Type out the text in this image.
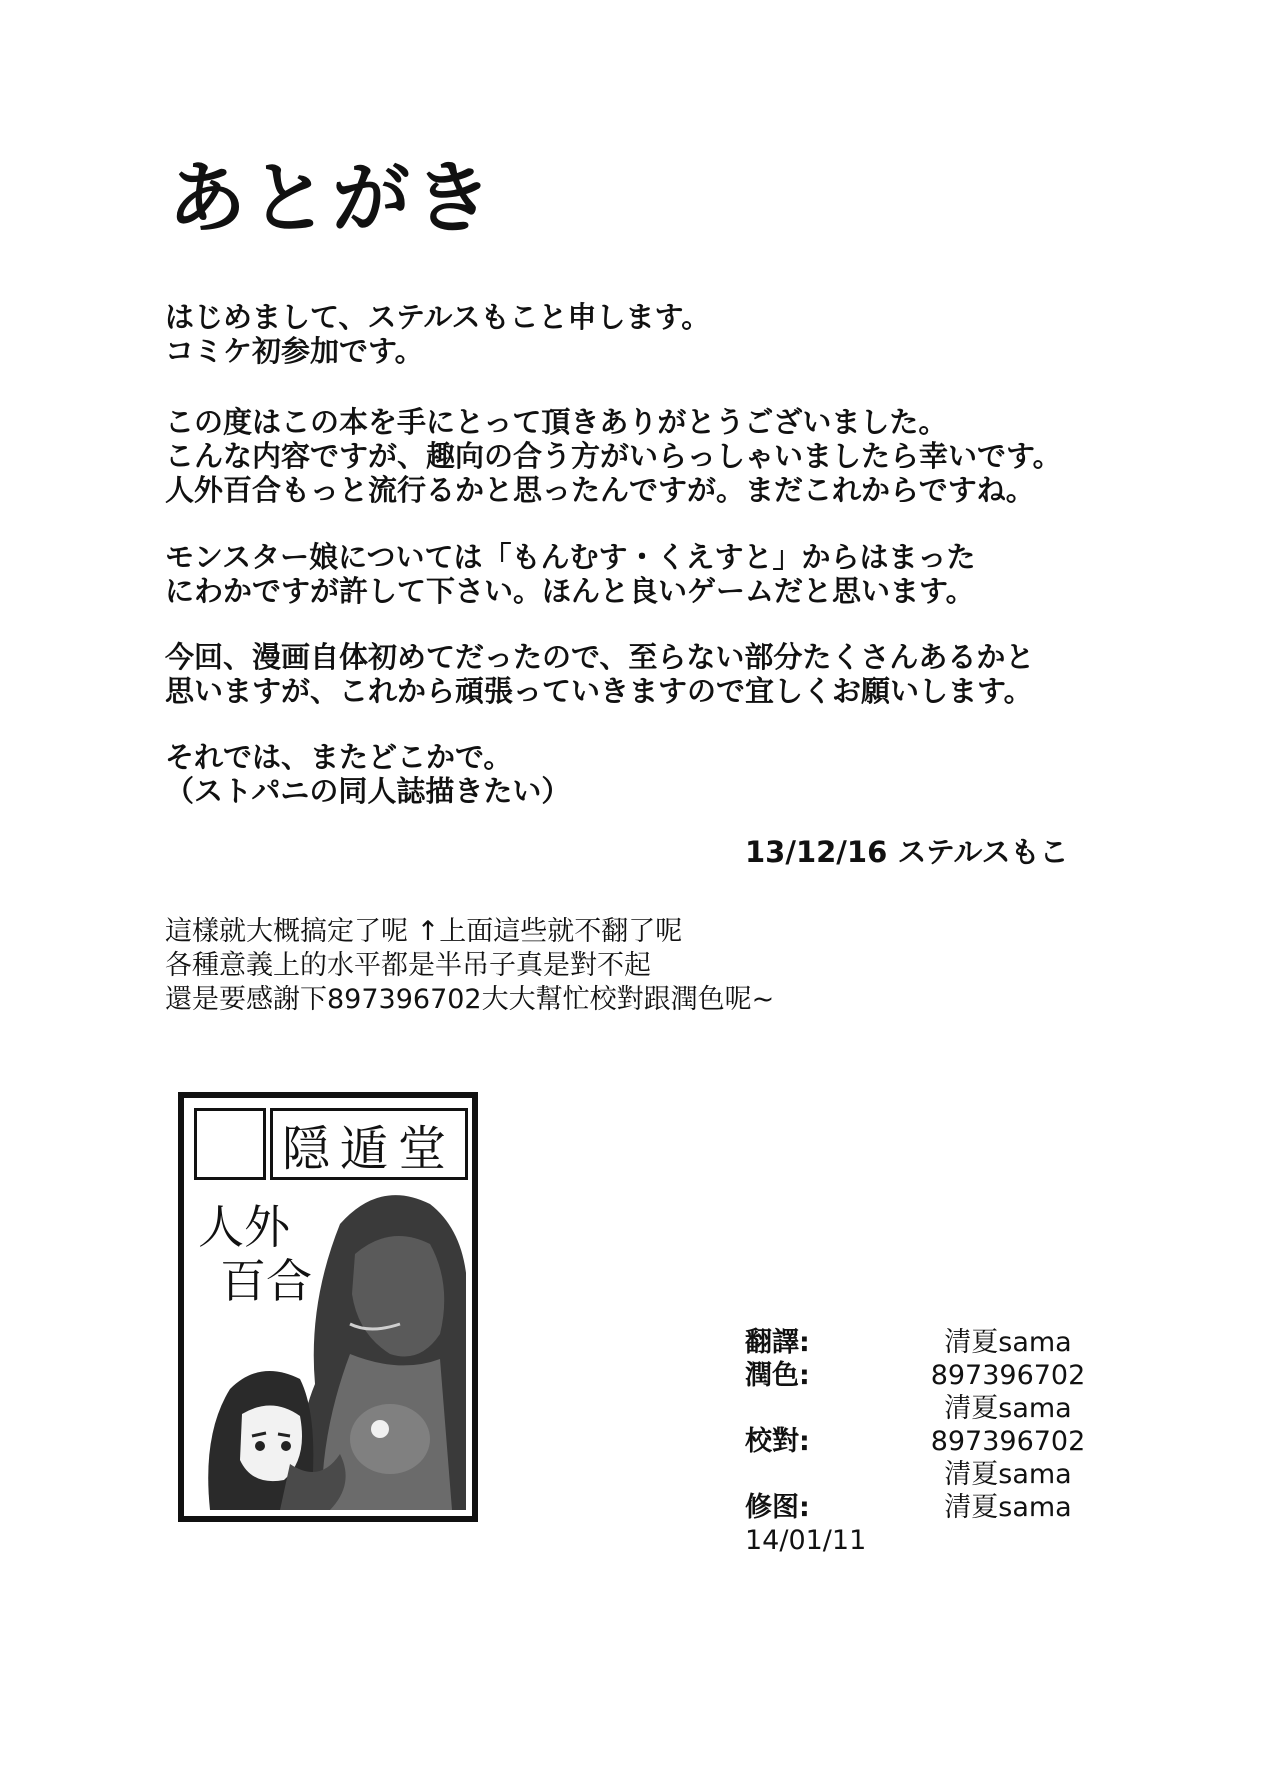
あとがき
はじめまして、ステルスもこと申します。
コミケ初参加です。
この度はこの本を手にとって頂きありがとうございました。
こんな内容ですが、趣向の合う方がいらっしゃいましたら幸いです。
人外百合もっと流行るかと思ったんですが。まだこれからですね。
モンスター娘については「もんむす・くえすと」からはまった
にわかですが許して下さい。ほんと良いゲームだと思います。
今回、漫画自体初めてだったので、至らない部分たくさんあるかと
思いますが、これから頑張っていきますので宜しくお願いします。
それでは、またどこかで。
（ストパニの同人誌描きたい）
13/12/16 ステルスもこ
這樣就大概搞定了呢 ↑上面這些就不翻了呢
各種意義上的水平都是半吊子真是對不起
還是要感謝下897396702大大幫忙校對跟潤色呢~
隠遁堂
人外
百合
翻譯:	清夏sama
潤色:	897396702
清夏sama
校對:	897396702
清夏sama
修图:	清夏sama
14/01/11
